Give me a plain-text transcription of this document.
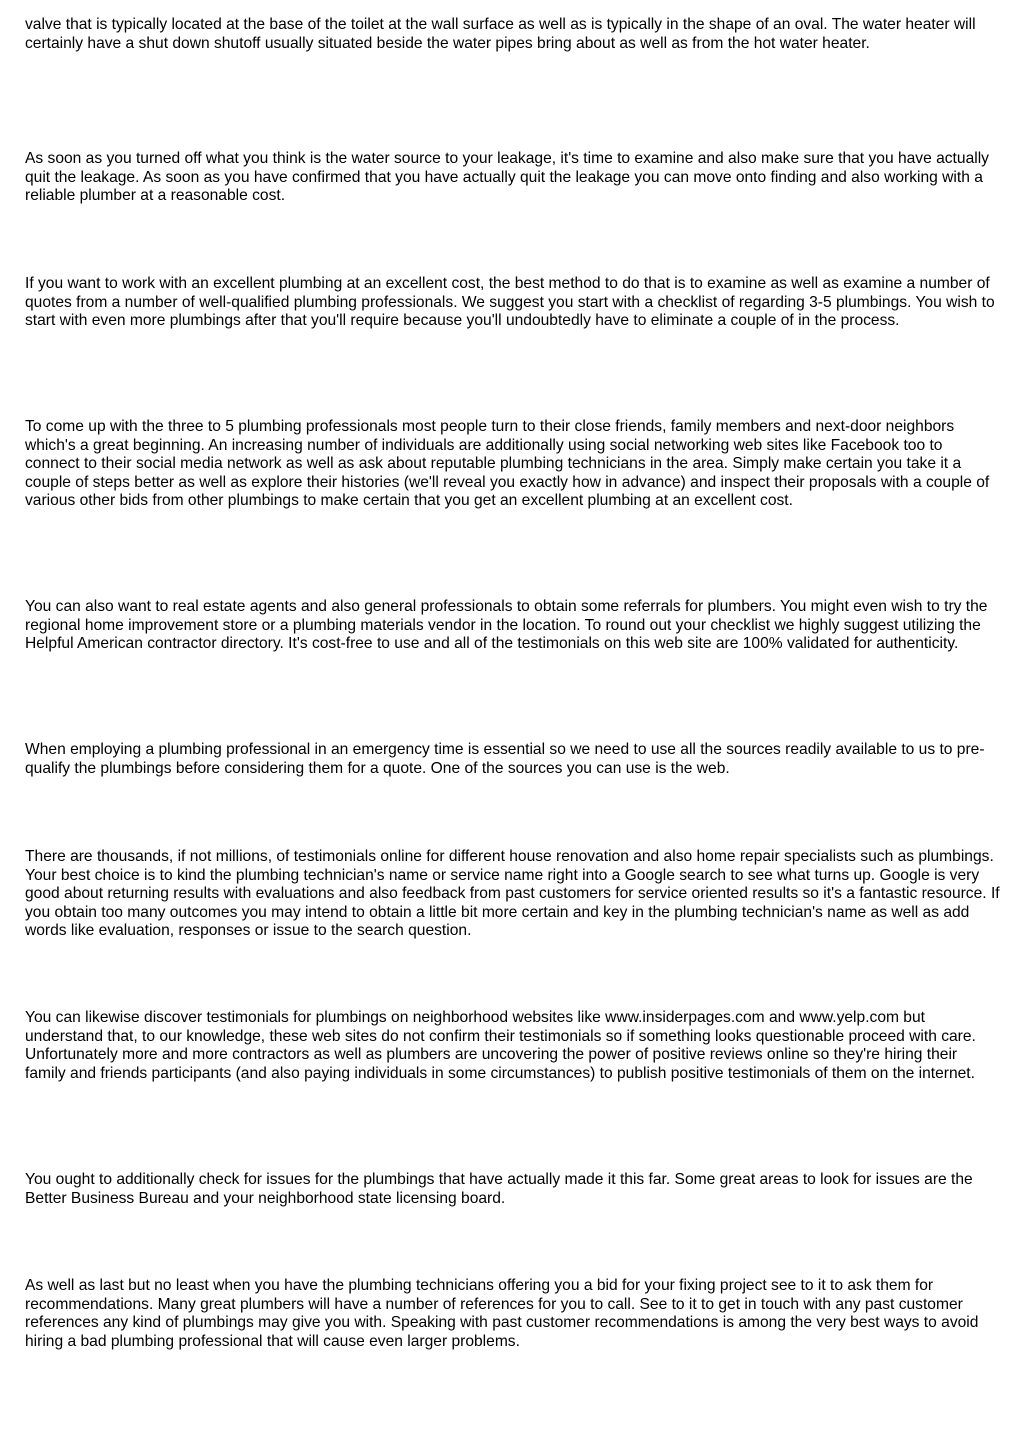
valve that is typically located at the base of the toilet at the wall surface as well as is typically in the shape of an oval. The water heater will certainly have a shut down shutoff usually situated beside the water pipes bring about as well as from the hot water heater.

As soon as you turned off what you think is the water source to your leakage, it's time to examine and also make sure that you have actually quit the leakage. As soon as you have confirmed that you have actually quit the leakage you can move onto finding and also working with a reliable plumber at a reasonable cost.

If you want to work with an excellent plumbing at an excellent cost, the best method to do that is to examine as well as examine a number of quotes from a number of well-qualified plumbing professionals. We suggest you start with a checklist of regarding 3-5 plumbings. You wish to start with even more plumbings after that you'll require because you'll undoubtedly have to eliminate a couple of in the process.

To come up with the three to 5 plumbing professionals most people turn to their close friends, family members and next-door neighbors which's a great beginning. An increasing number of individuals are additionally using social networking web sites like Facebook too to connect to their social media network as well as ask about reputable plumbing technicians in the area. Simply make certain you take it a couple of steps better as well as explore their histories (we'll reveal you exactly how in advance) and inspect their proposals with a couple of various other bids from other plumbings to make certain that you get an excellent plumbing at an excellent cost.

You can also want to real estate agents and also general professionals to obtain some referrals for plumbers. You might even wish to try the regional home improvement store or a plumbing materials vendor in the location. To round out your checklist we highly suggest utilizing the Helpful American contractor directory. It's cost-free to use and all of the testimonials on this web site are 100% validated for authenticity.

When employing a plumbing professional in an emergency time is essential so we need to use all the sources readily available to us to pre-qualify the plumbings before considering them for a quote. One of the sources you can use is the web.

There are thousands, if not millions, of testimonials online for different house renovation and also home repair specialists such as plumbings. Your best choice is to kind the plumbing technician's name or service name right into a Google search to see what turns up. Google is very good about returning results with evaluations and also feedback from past customers for service oriented results so it's a fantastic resource. If you obtain too many outcomes you may intend to obtain a little bit more certain and key in the plumbing technician's name as well as add words like evaluation, responses or issue to the search question.

You can likewise discover testimonials for plumbings on neighborhood websites like www.insiderpages.com and www.yelp.com but understand that, to our knowledge, these web sites do not confirm their testimonials so if something looks questionable proceed with care. Unfortunately more and more contractors as well as plumbers are uncovering the power of positive reviews online so they're hiring their family and friends participants (and also paying individuals in some circumstances) to publish positive testimonials of them on the internet.

You ought to additionally check for issues for the plumbings that have actually made it this far. Some great areas to look for issues are the Better Business Bureau and your neighborhood state licensing board.

As well as last but no least when you have the plumbing technicians offering you a bid for your fixing project see to it to ask them for recommendations. Many great plumbers will have a number of references for you to call. See to it to get in touch with any past customer references any kind of plumbings may give you with. Speaking with past customer recommendations is among the very best ways to avoid hiring a bad plumbing professional that will cause even larger problems.
